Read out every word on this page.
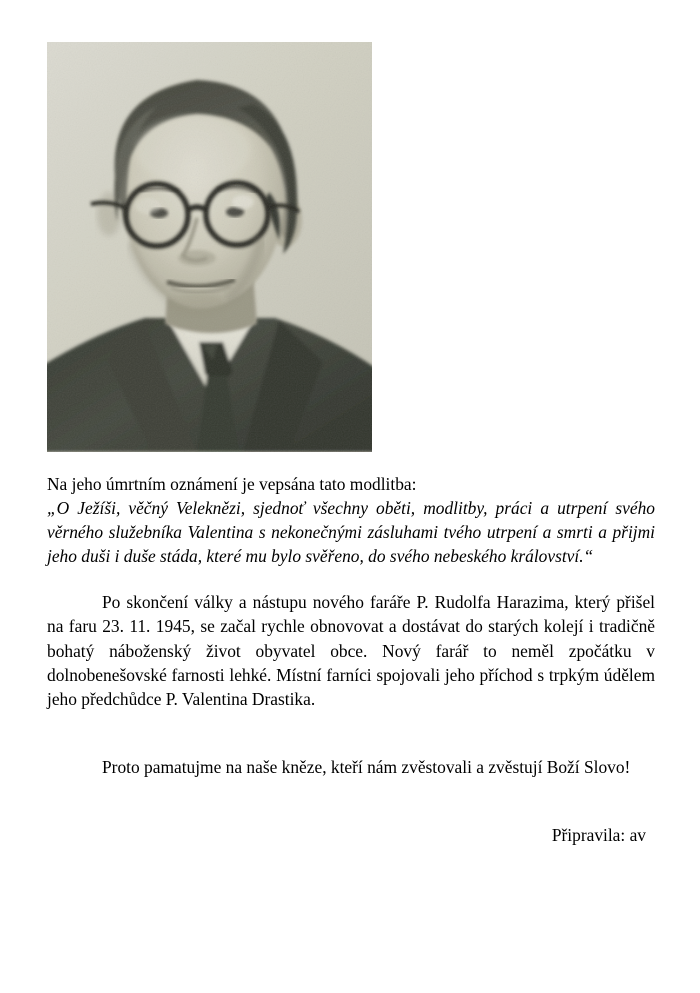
Na jeho úmrtním oznámení je vepsána tato modlitba:

„O Ježíši, věčný Veleknězi, sjednoť všechny oběti, modlitby, práci a utrpení svého věrného služebníka Valentina s nekonečnými zásluhami tvého utrpení a smrti a přijmi jeho duši i duše stáda, které mu bylo svěřeno, do svého nebeského království.“

Po skončení války a nástupu nového faráře P. Rudolfa Harazima, který přišel na faru 23. 11. 1945, se začal rychle obnovovat a dostávat do starých kolejí i tradičně bohatý náboženský život obyvatel obce. Nový farář to neměl zpočátku v dolnobenešovské farnosti lehké. Místní farníci spojovali jeho příchod s trpkým údělem jeho předchůdce P. Valentina Drastika.

Proto pamatujme na naše kněze, kteří nám zvěstovali a zvěstují Boží Slovo!

Připravila: av
